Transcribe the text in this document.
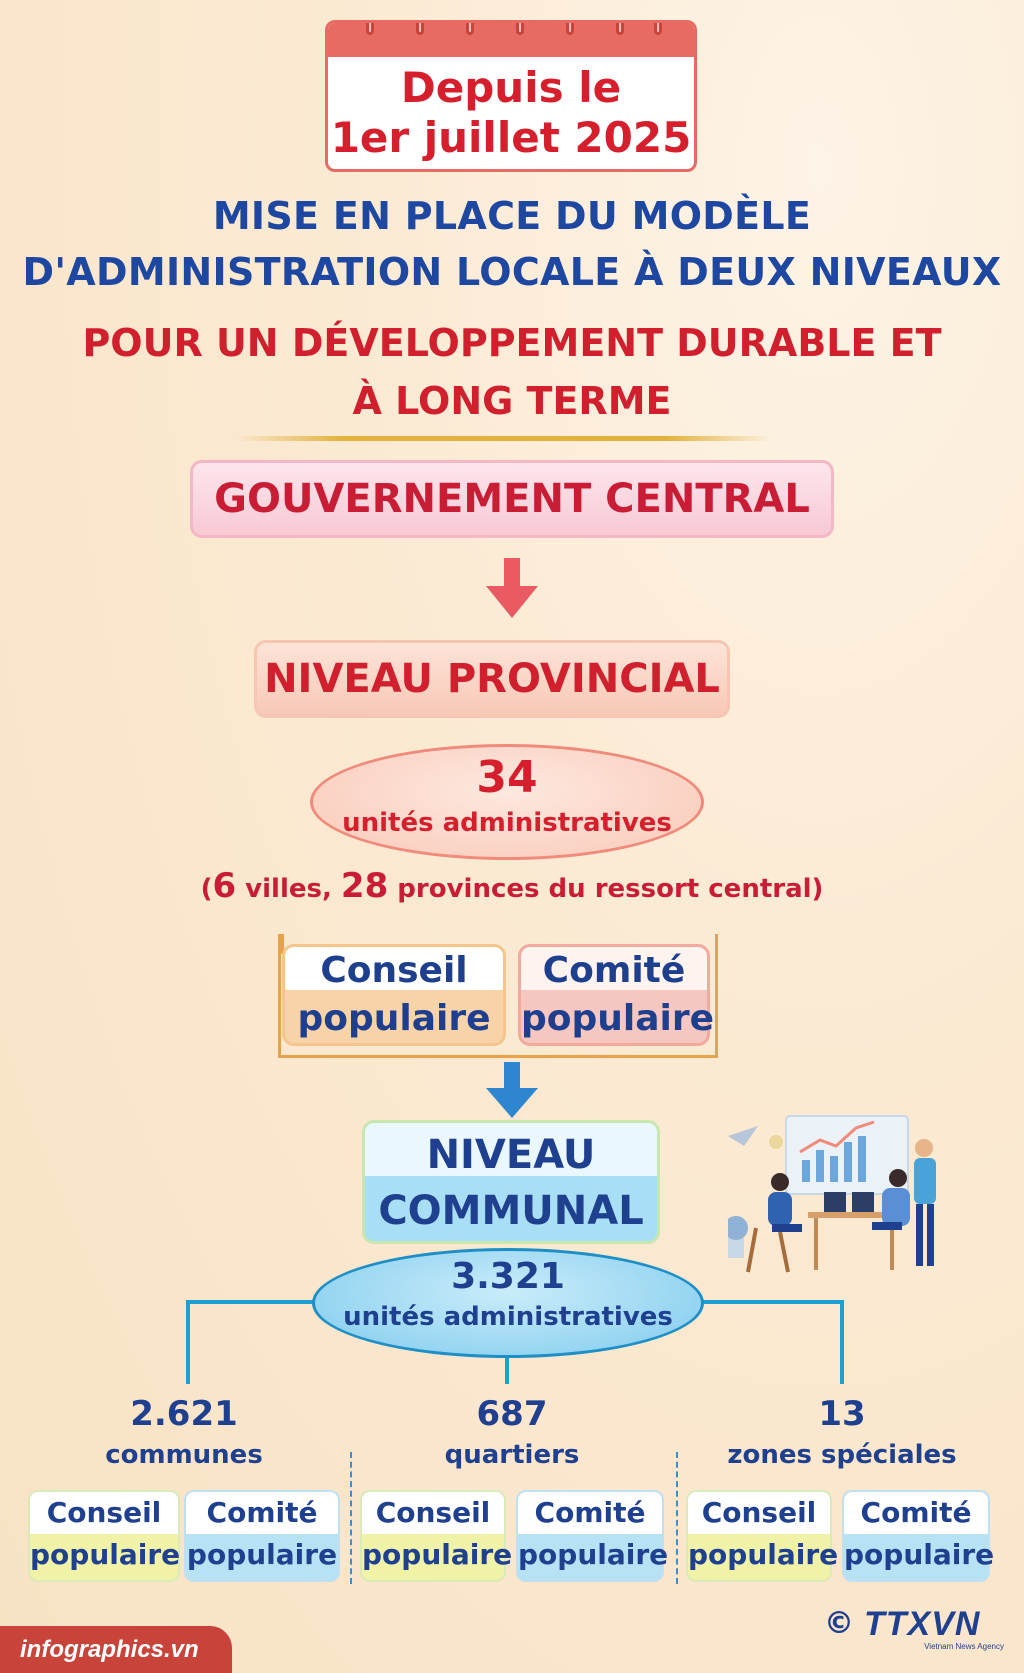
Depuis le
1er juillet 2025
MISE EN PLACE DU MODÈLE
D'ADMINISTRATION LOCALE À DEUX NIVEAUX
POUR UN DÉVELOPPEMENT DURABLE ET
À LONG TERME
GOUVERNEMENT CENTRAL
NIVEAU PROVINCIAL
34
unités administratives
(6 villes, 28 provinces du ressort central)
Conseil
populaire
Comité
populaire
NIVEAU
COMMUNAL
3.321
unités administratives
2.621
communes
687
quartiers
13
zones spéciales
Conseil
populaire
Comité
populaire
Conseil
populaire
Comité
populaire
Conseil
populaire
Comité
populaire
infographics.vn
© TTXVN
Vietnam News Agency
